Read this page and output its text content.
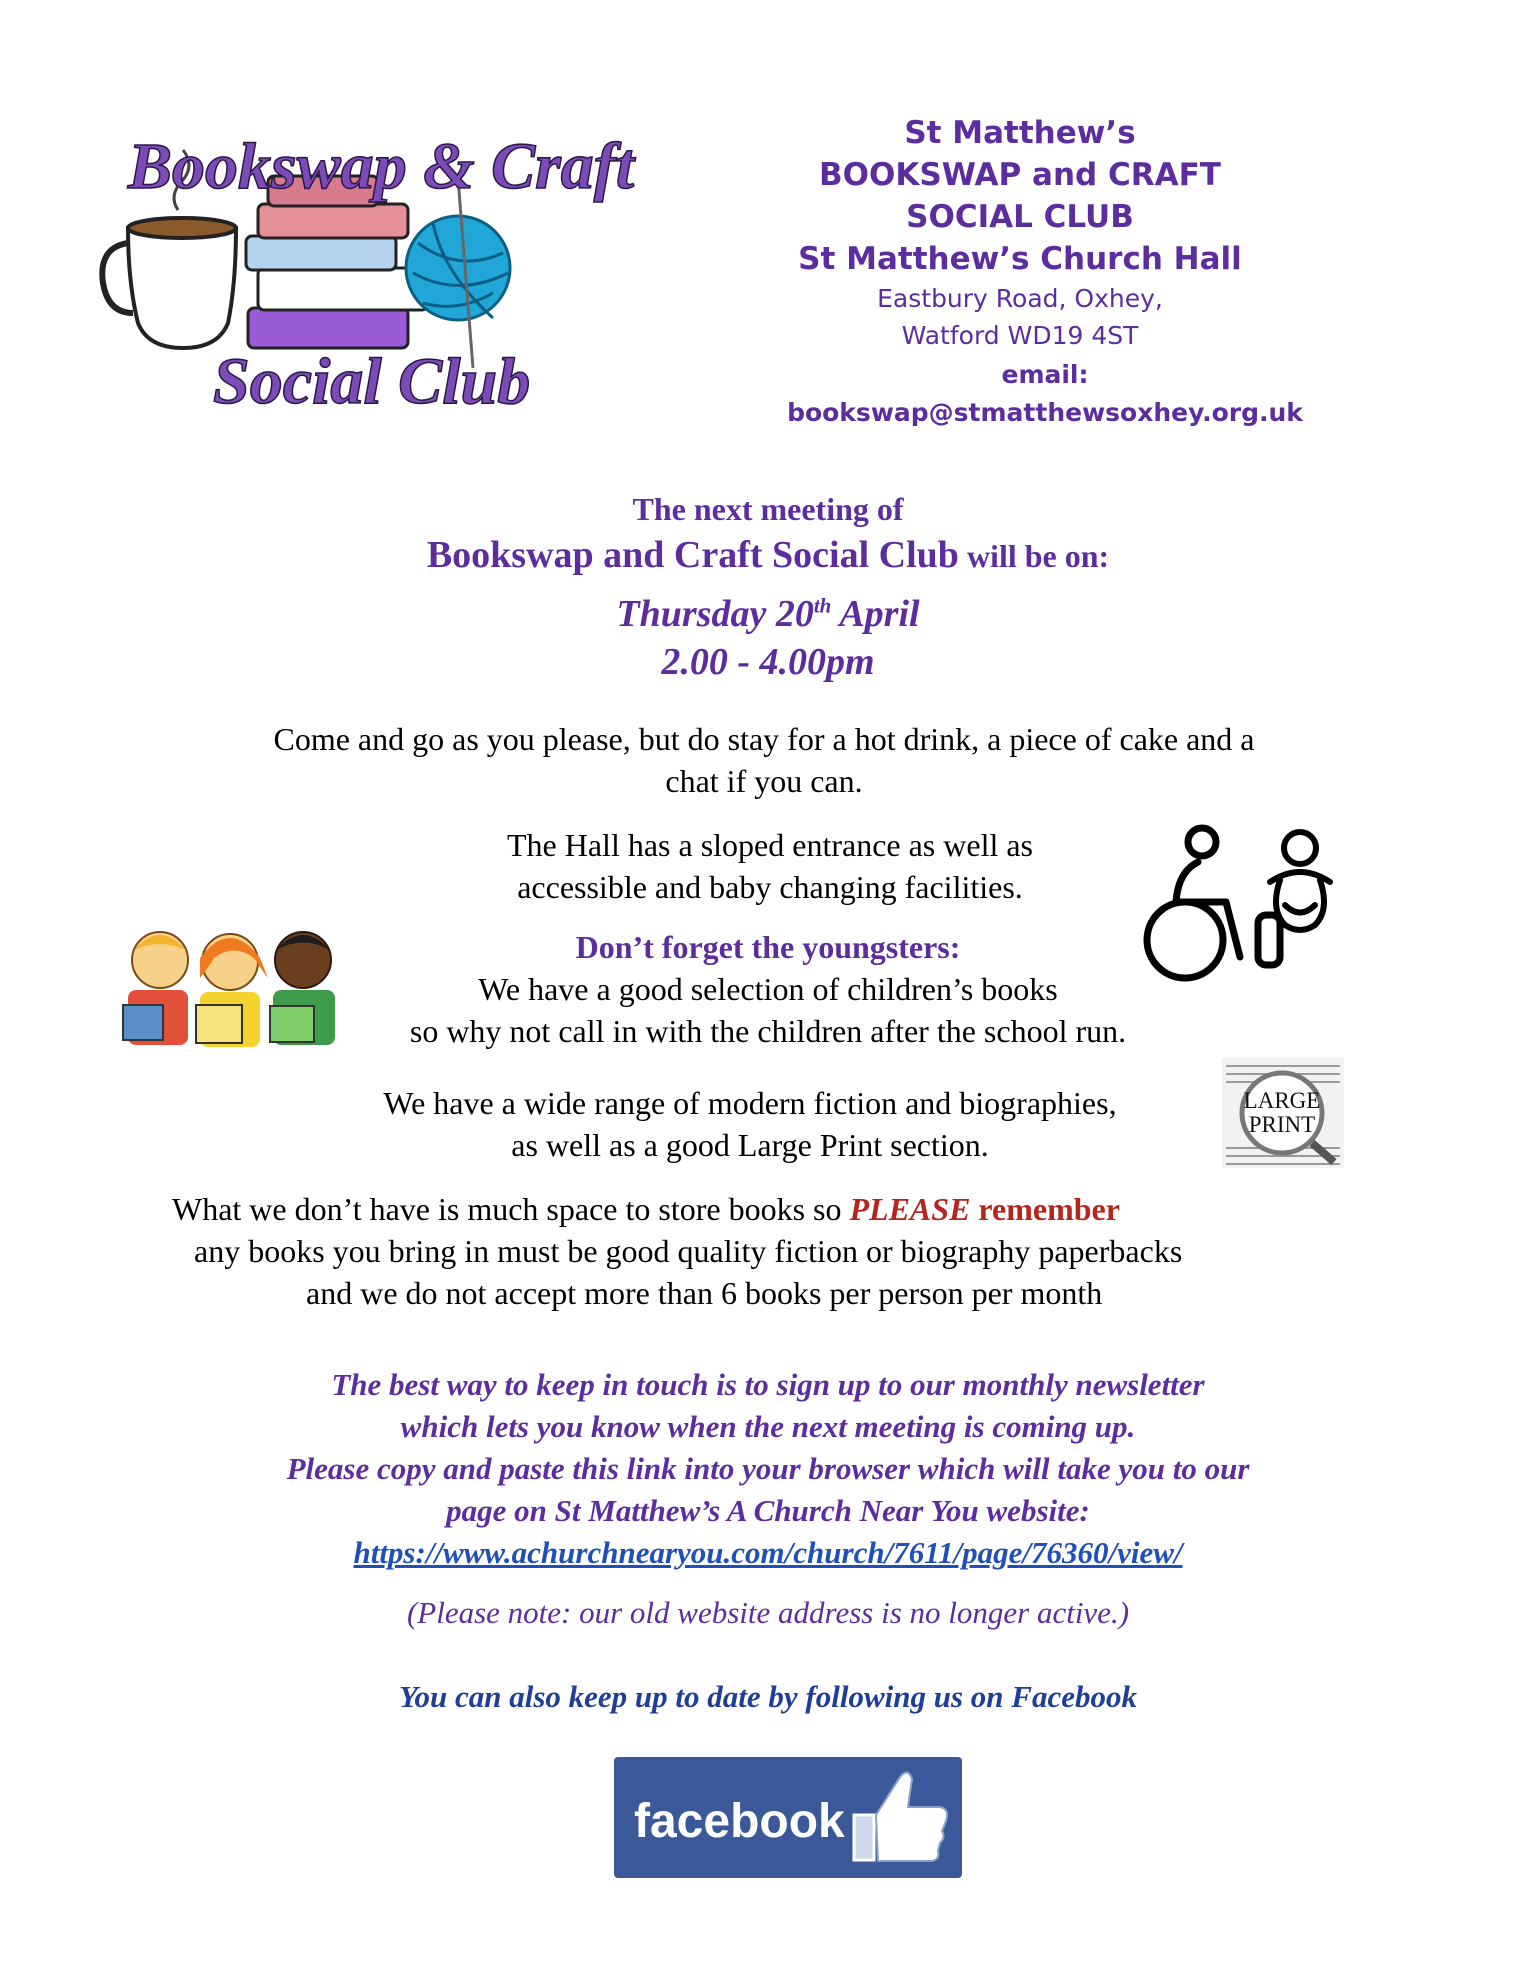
Bookswap & Craft
Social Club
St Matthew’s
BOOKSWAP and CRAFT
SOCIAL CLUB
St Matthew’s Church Hall
Eastbury Road, Oxhey,
Watford WD19 4ST
email: bookswap@stmatthewsoxhey.org.uk
The next meeting of
Bookswap and Craft Social Club will be on:
Thursday 20th April
2.00 - 4.00pm
Come and go as you please, but do stay for a hot drink, a piece of cake and a
chat if you can.
The Hall has a sloped entrance as well as
accessible and baby changing facilities.
Don’t forget the youngsters:
We have a good selection of children’s books
so why not call in with the children after the school run.
We have a wide range of modern fiction and biographies,
as well as a good Large Print section.
LARGE
PRINT
What we don’t have is much space to store books so PLEASE remember
any books you bring in must be good quality fiction or biography paperbacks
and we do not accept more than 6 books per person per month
The best way to keep in touch is to sign up to our monthly newsletter
which lets you know when the next meeting is coming up.
Please copy and paste this link into your browser which will take you to our
page on St Matthew’s A Church Near You website:
https://www.achurchnearyou.com/church/7611/page/76360/view/
(Please note: our old website address is no longer active.)
You can also keep up to date by following us on Facebook
facebook
